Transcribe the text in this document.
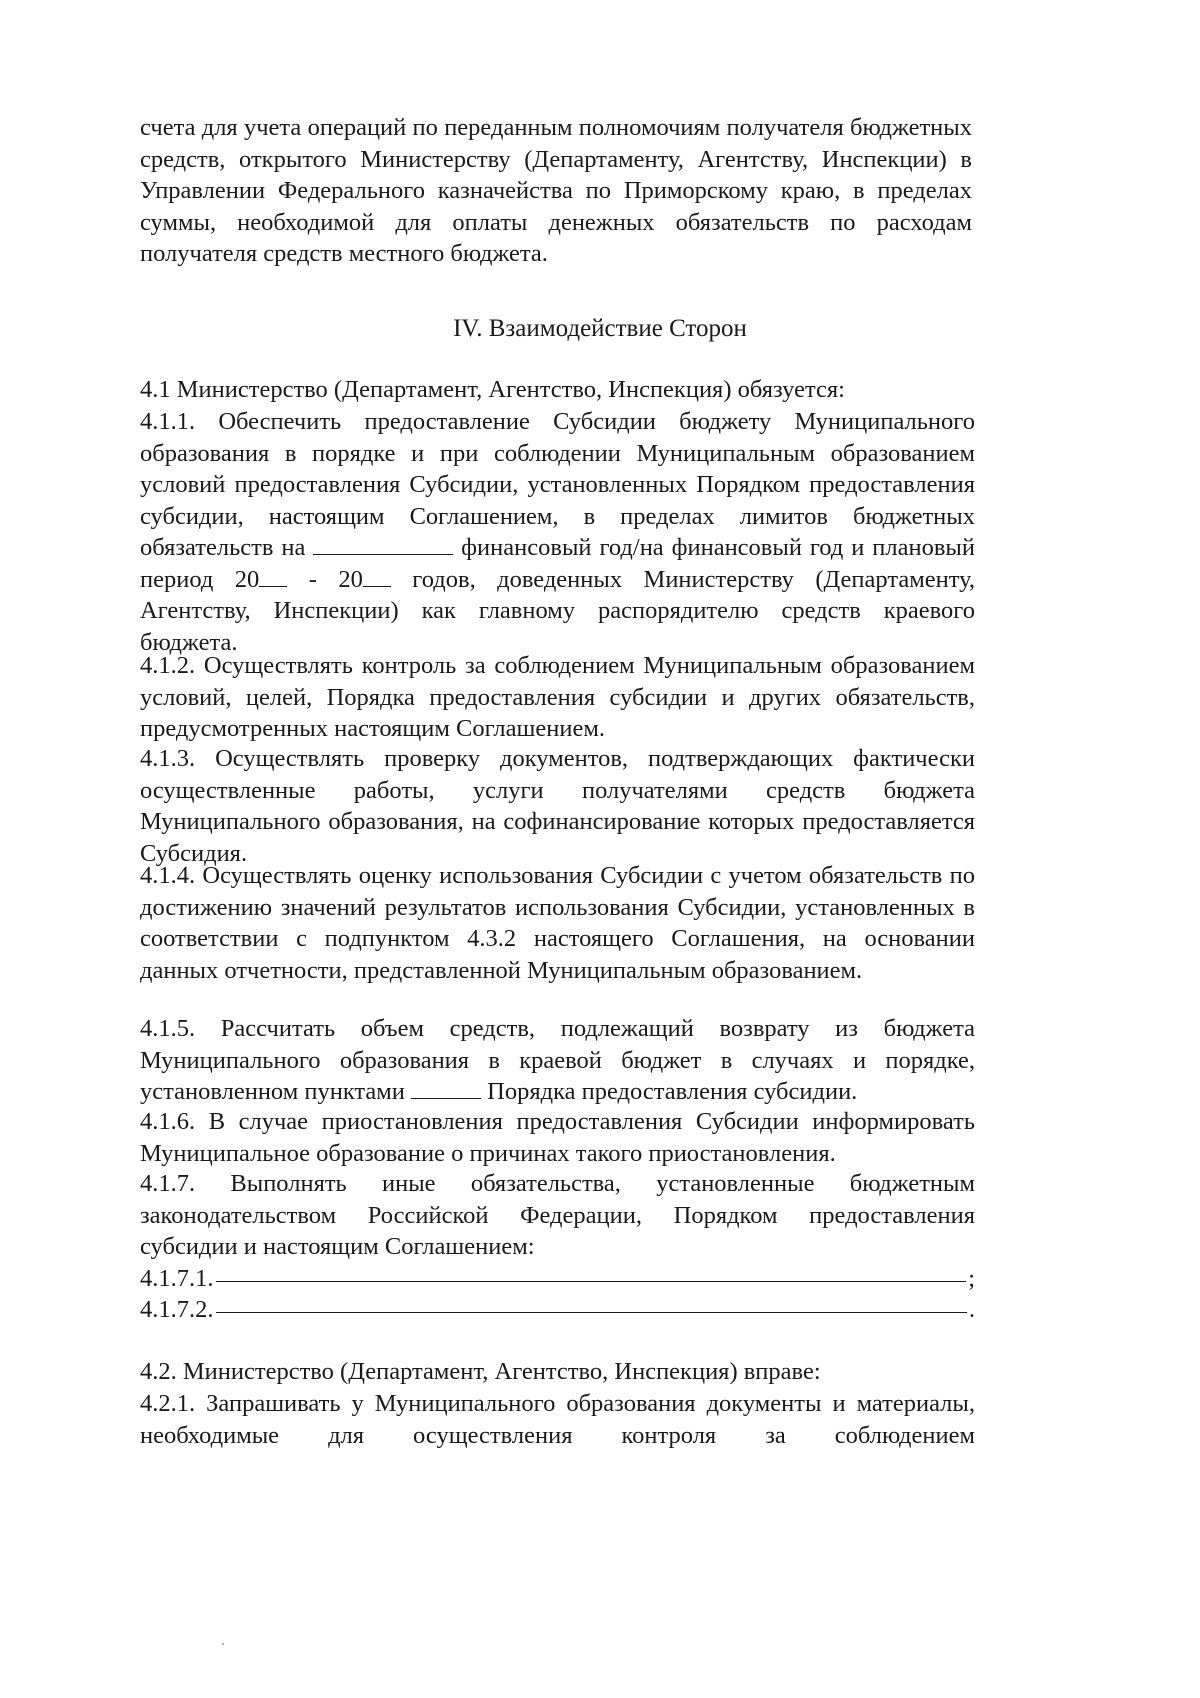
счета для учета операций по переданным полномочиям получателя бюджетных средств, открытого Министерству (Департаменту, Агентству, Инспекции) в Управлении Федерального казначейства по Приморскому краю, в пределах суммы, необходимой для оплаты денежных обязательств по расходам получателя средств местного бюджета.

IV. Взаимодействие Сторон

4.1 Министерство (Департамент, Агентство, Инспекция) обязуется:

4.1.1. Обеспечить предоставление Субсидии бюджету Муниципального образования в порядке и при соблюдении Муниципальным образованием условий предоставления Субсидии, установленных Порядком предоставления субсидии, настоящим Соглашением, в пределах лимитов бюджетных обязательств на	финансовый год/на финансовый год и плановый период 20 - 20 годов, доведенных Министерству (Департаменту, Агентству, Инспекции) как главному распорядителю средств краевого бюджета.

4.1.2. Осуществлять контроль за соблюдением Муниципальным образованием условий, целей, Порядка предоставления субсидии и других обязательств, предусмотренных настоящим Соглашением.

4.1.3. Осуществлять проверку документов, подтверждающих фактически осуществленные работы, услуги получателями средств бюджета Муниципального образования, на софинансирование которых предоставляется Субсидия.

4.1.4. Осуществлять оценку использования Субсидии с учетом обязательств по достижению значений результатов использования Субсидии, установленных в соответствии с подпунктом 4.3.2 настоящего Соглашения, на основании данных отчетности, представленной Муниципальным образованием.

4.1.5. Рассчитать объем средств, подлежащий возврату из бюджета Муниципального образования в краевой бюджет в случаях и порядке, установленном пунктами	Порядка предоставления субсидии.

4.1.6. В случае приостановления предоставления Субсидии информировать Муниципальное образование о причинах такого приостановления.

4.1.7. Выполнять иные обязательства, установленные бюджетным законодательством Российской Федерации, Порядком предоставления субсидии и настоящим Соглашением:

4.1.7.1.	;
4.1.7.2.	.

4.2. Министерство (Департамент, Агентство, Инспекция) вправе:

4.2.1. Запрашивать у Муниципального образования документы и материалы, необходимые для осуществления контроля за соблюдением
